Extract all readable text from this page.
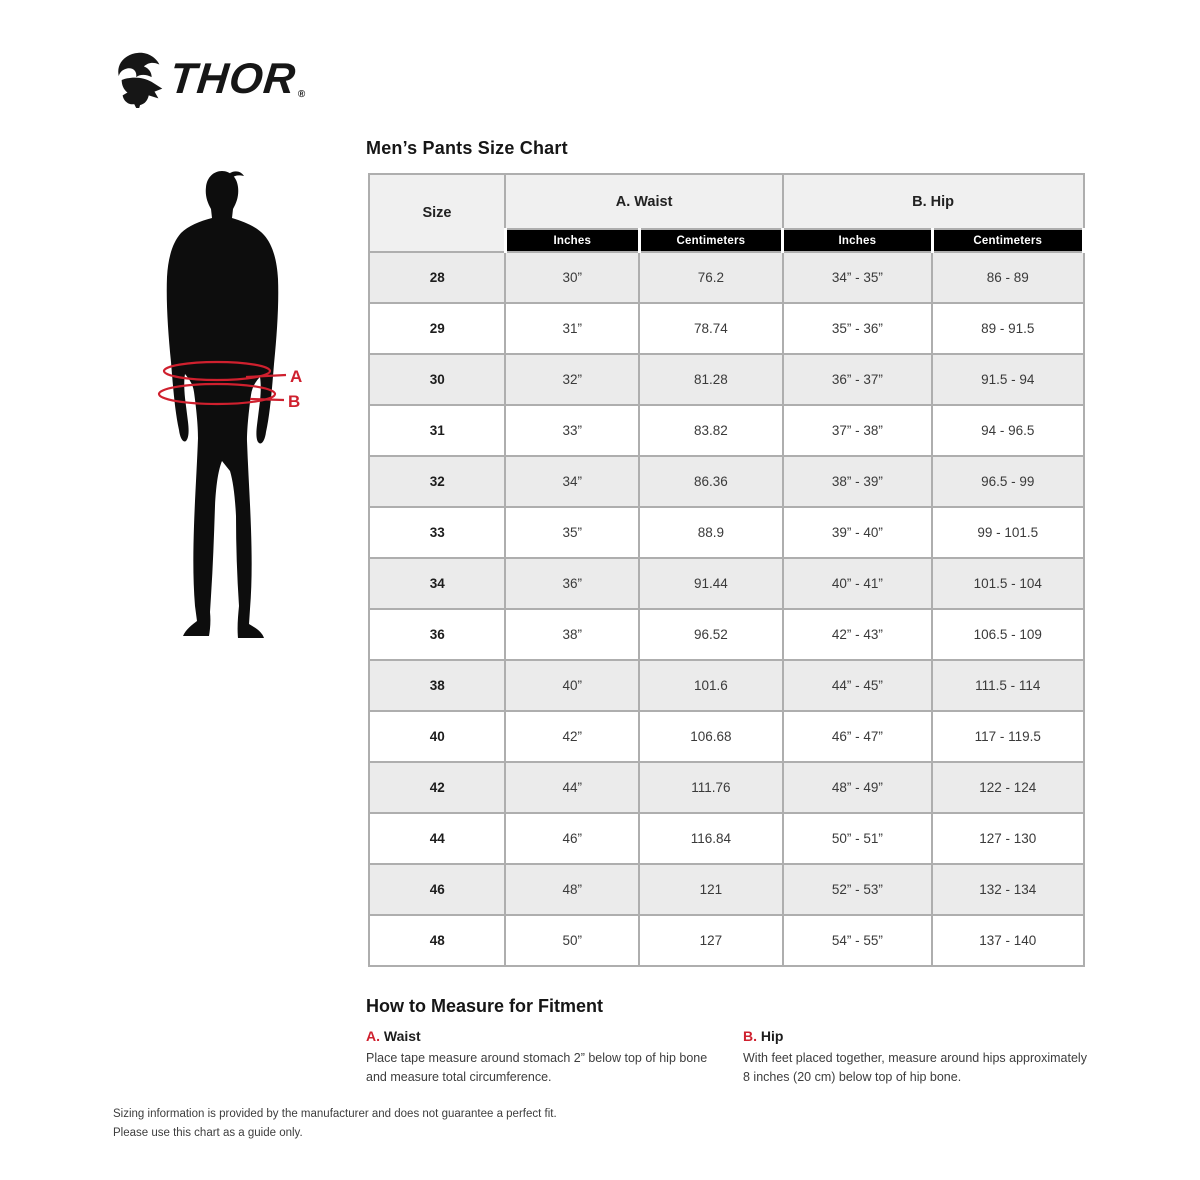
THOR ®
Men’s Pants Size Chart
A
B
Size	A. Waist		B. Hip	
	Inches	Centimeters	Inches	Centimeters
28	30”	76.2	34” - 35”	86 - 89
29	31”	78.74	35” - 36”	89 - 91.5
30	32”	81.28	36” - 37”	91.5 - 94
31	33”	83.82	37” - 38”	94 - 96.5
32	34”	86.36	38” - 39”	96.5 - 99
33	35”	88.9	39” - 40”	99 - 101.5
34	36”	91.44	40” - 41”	101.5 - 104
36	38”	96.52	42” - 43”	106.5 - 109
38	40”	101.6	44” - 45”	111.5 - 114
40	42”	106.68	46” - 47”	117 - 119.5
42	44”	111.76	48” - 49”	122 - 124
44	46”	116.84	50” - 51”	127 - 130
46	48”	121	52” - 53”	132 - 134
48	50”	127	54” - 55”	137 - 140
How to Measure for Fitment
A. Waist
Place tape measure around stomach 2” below top of hip bone and measure total circumference.
B. Hip
With feet placed together, measure around hips approximately 8 inches (20 cm) below top of hip bone.
Sizing information is provided by the manufacturer and does not guarantee a perfect fit.
Please use this chart as a guide only.
